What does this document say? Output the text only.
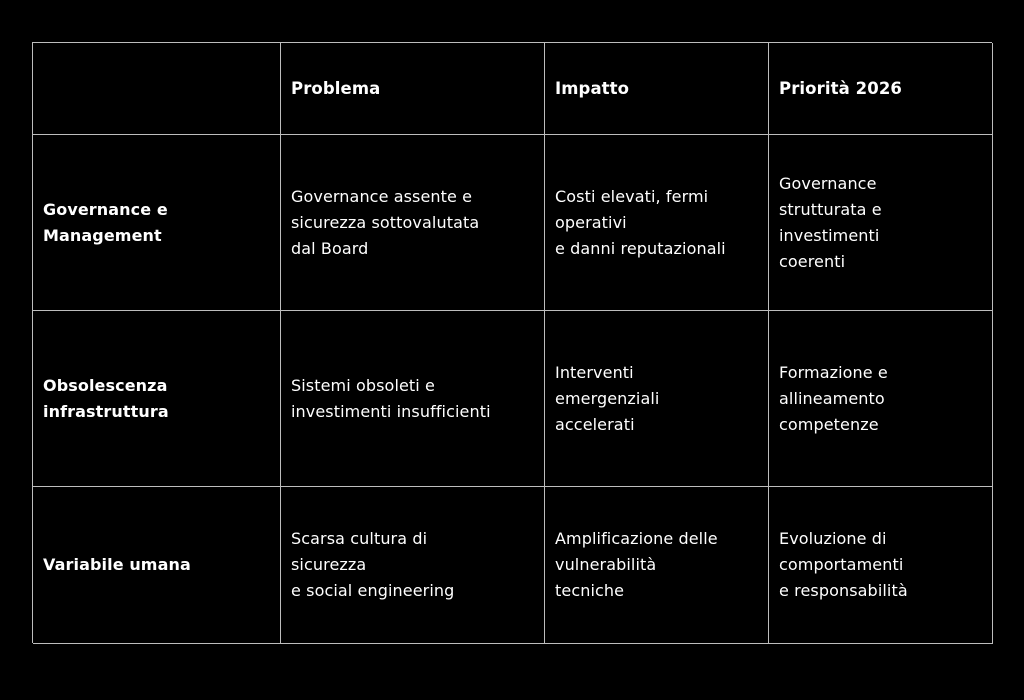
Problema	Impatto	Priorità 2026
Governance e
Management
Governance assente e
sicurezza sottovalutata
dal Board
Costi elevati, fermi
operativi
e danni reputazionali
Governance
strutturata e
investimenti
coerenti
Obsolescenza
infrastruttura
Sistemi obsoleti e
investimenti insufficienti
Interventi
emergenziali
accelerati
Formazione e
allineamento
competenze
Variabile umana
Scarsa cultura di
sicurezza
e social engineering
Amplificazione delle
vulnerabilità
tecniche
Evoluzione di
comportamenti
e responsabilità
